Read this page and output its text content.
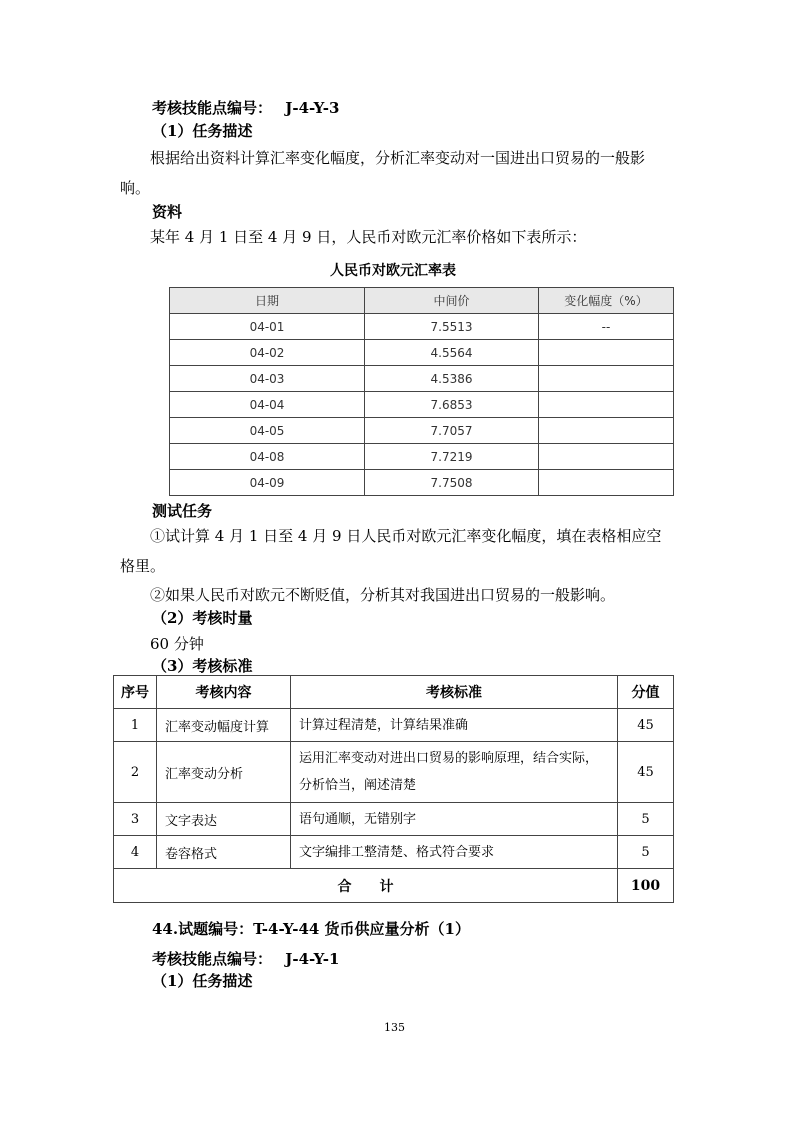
考核技能点编号： J-4-Y-3
（1）任务描述
根据给出资料计算汇率变化幅度，分析汇率变动对一国进出口贸易的一般影
响。
资料
某年 4 月 1 日至 4 月 9 日，人民币对欧元汇率价格如下表所示：
人民币对欧元汇率表
日期	中间价	变化幅度（%）
04-01	7.5513	--
04-02	4.5564	
04-03	4.5386	
04-04	7.6853	
04-05	7.7057	
04-08	7.7219	
04-09	7.7508	
测试任务
①试计算 4 月 1 日至 4 月 9 日人民币对欧元汇率变化幅度，填在表格相应空
格里。
②如果人民币对欧元不断贬值，分析其对我国进出口贸易的一般影响。
（2）考核时量
60 分钟
（3）考核标准
序号	考核内容	考核标准	分值
1	汇率变动幅度计算	计算过程清楚，计算结果准确	45
2	汇率变动分析	运用汇率变动对进出口贸易的影响原理，结合实际，
分析恰当，阐述清楚	45
3	文字表达	语句通顺，无错别字	5
4	卷容格式	文字编排工整清楚、格式符合要求	5
合　　计			100
44.试题编号：T-4-Y-44 货币供应量分析（1）
考核技能点编号： J-4-Y-1
（1）任务描述
135
